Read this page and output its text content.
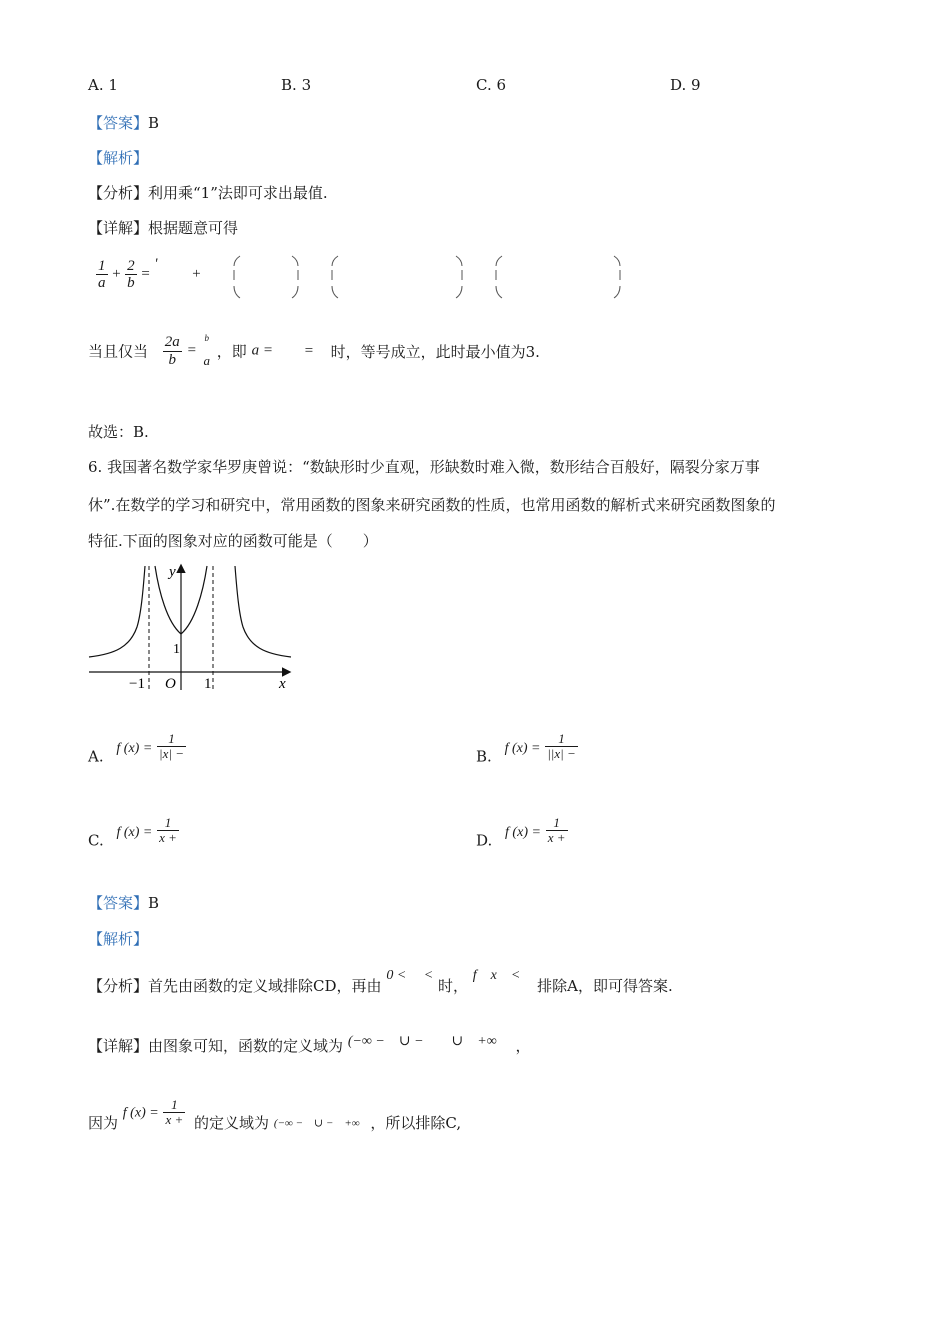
A. 1	B. 3	C. 6	D. 9
【答案】B
【解析】
【分析】利用乘“1”法即可求出最值.
【详解】根据题意可得
$\frac{1}{a} + \frac{2}{b}$ = ' +
当且仅当 $\frac{2a}{b}$ =
b
a ，即 a = = 时，等号成立，此时最小值为3.
故选：B.
6. 我国著名数学家华罗庚曾说：“数缺形时少直观，形缺数时难入微，数形结合百般好，隔裂分家万事
休”.在数学的学习和研究中，常用函数的图象来研究函数的性质，也常用函数的解析式来研究函数图象的
特征.下面的图象对应的函数可能是（　　）
y
x
O
−1	1
1
A. f $(x) = \frac{1}{|x| -}$	B. f $(x) = \frac{1}{||x| -}$
C. f $(x) = \frac{1}{x +}$	D. f $(x) = \frac{1}{x +}$
【答案】B
【解析】
【分析】首先由函数的定义域排除CD，再由 0 <　 < 时， f　x　< 排除A，即可得答案.
【详解】由图象可知，函数的定义域为 (−∞ −　∪ −　　∪　+∞ ，
因为 f $(x) = \frac{1}{x +}$ 的定义域为 (−∞ −　∪ −　+∞ ，所以排除C,
